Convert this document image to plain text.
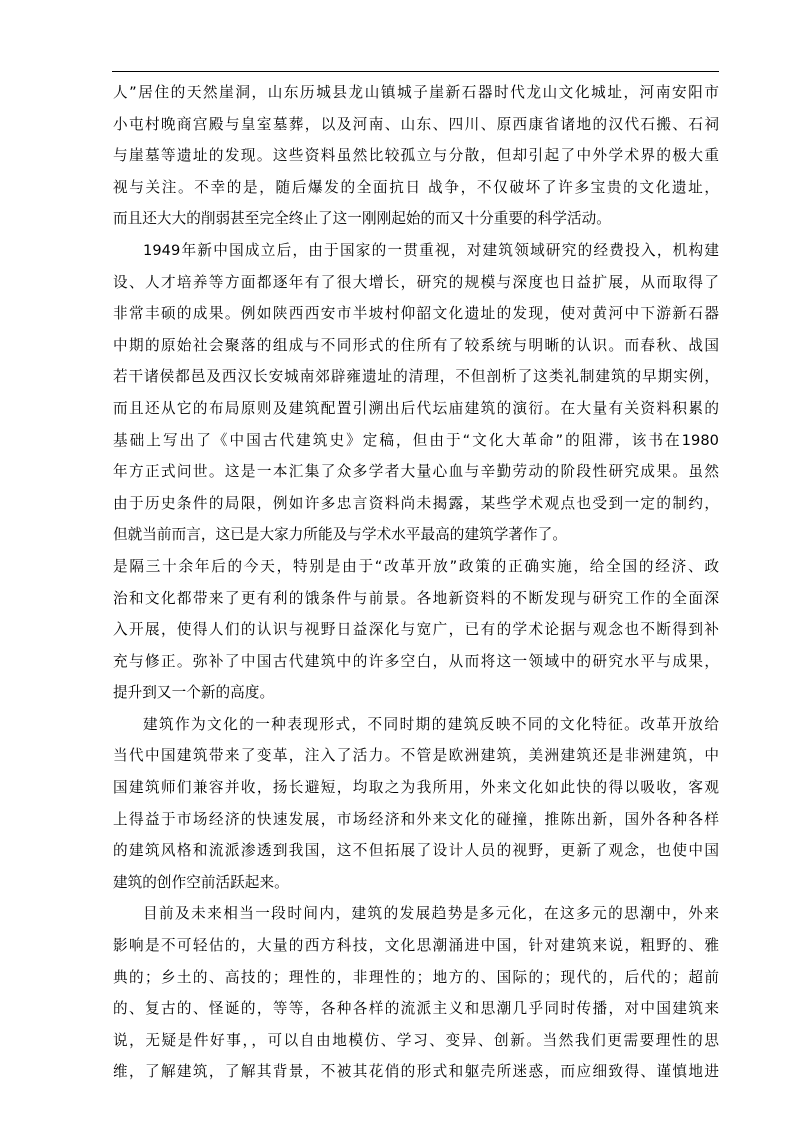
人”居住的天然崖洞，山东历城县龙山镇城子崖新石器时代龙山文化城址，河南安阳市
小屯村晚商宫殿与皇室墓葬，以及河南、山东、四川、原西康省诸地的汉代石搬、石祠
与崖墓等遗址的发现。这些资料虽然比较孤立与分散，但却引起了中外学术界的极大重
视与关注。不幸的是，随后爆发的全面抗日 战争，不仅破坏了许多宝贵的文化遗址，
而且还大大的削弱甚至完全终止了这一刚刚起始的而又十分重要的科学活动。

1949年新中国成立后，由于国家的一贯重视，对建筑领域研究的经费投入，机构建
设、人才培养等方面都逐年有了很大增长，研究的规模与深度也日益扩展，从而取得了
非常丰硕的成果。例如陕西西安市半坡村仰韶文化遗址的发现，使对黄河中下游新石器
中期的原始社会聚落的组成与不同形式的住所有了较系统与明晰的认识。而春秋、战国
若干诸侯都邑及西汉长安城南郊辟雍遗址的清理，不但剖析了这类礼制建筑的早期实例，
而且还从它的布局原则及建筑配置引溯出后代坛庙建筑的演衍。在大量有关资料积累的
基础上写出了《中国古代建筑史》定稿，但由于“文化大革命”的阻滞，该书在1980
年方正式问世。这是一本汇集了众多学者大量心血与辛勤劳动的阶段性研究成果。虽然
由于历史条件的局限，例如许多忠言资料尚未揭露，某些学术观点也受到一定的制约，
但就当前而言，这已是大家力所能及与学术水平最高的建筑学著作了。

是隔三十余年后的今天，特别是由于“改革开放”政策的正确实施，给全国的经济、政
治和文化都带来了更有利的饿条件与前景。各地新资料的不断发现与研究工作的全面深
入开展，使得人们的认识与视野日益深化与宽广，已有的学术论据与观念也不断得到补
充与修正。弥补了中国古代建筑中的许多空白，从而将这一领域中的研究水平与成果，
提升到又一个新的高度。

建筑作为文化的一种表现形式，不同时期的建筑反映不同的文化特征。改革开放给
当代中国建筑带来了变革，注入了活力。不管是欧洲建筑，美洲建筑还是非洲建筑，中
国建筑师们兼容并收，扬长避短，均取之为我所用，外来文化如此快的得以吸收，客观
上得益于市场经济的快速发展，市场经济和外来文化的碰撞，推陈出新，国外各种各样
的建筑风格和流派渗透到我国，这不但拓展了设计人员的视野，更新了观念，也使中国
建筑的创作空前活跃起来。

目前及未来相当一段时间内，建筑的发展趋势是多元化，在这多元的思潮中，外来
影响是不可轻估的，大量的西方科技，文化思潮涌进中国，针对建筑来说，粗野的、雅
典的；乡土的、高技的；理性的，非理性的；地方的、国际的；现代的，后代的；超前
的、复古的、怪诞的，等等，各种各样的流派主义和思潮几乎同时传播，对中国建筑来
说，无疑是件好事，，可以自由地模仿、学习、变异、创新。当然我们更需要理性的思
维，了解建筑，了解其背景，不被其花俏的形式和躯壳所迷惑，而应细致得、谨慎地进
